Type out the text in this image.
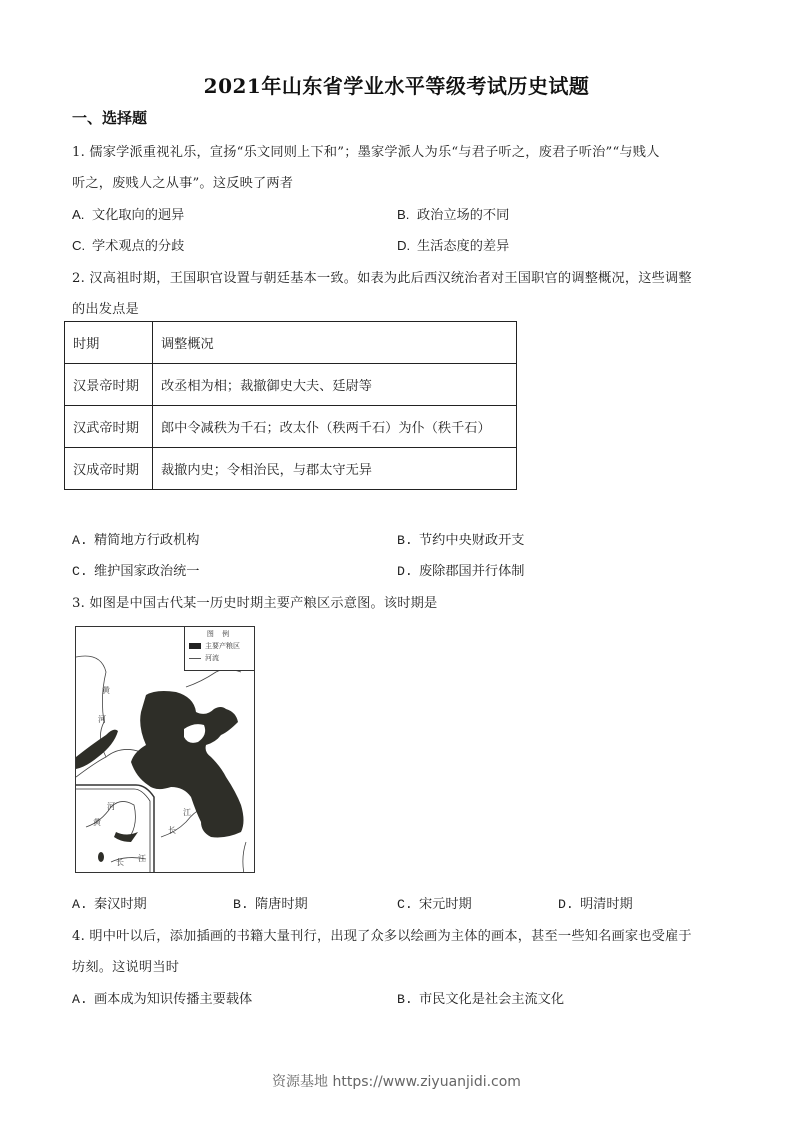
2021年山东省学业水平等级考试历史试题
一、选择题
1. 儒家学派重视礼乐，宣扬“乐文同则上下和”；墨家学派人为乐“与君子听之，废君子听治”“与贱人
听之，废贱人之从事”。这反映了两者
A. 文化取向的迥异	B. 政治立场的不同
C. 学术观点的分歧	D. 生活态度的差异
2. 汉高祖时期，王国职官设置与朝廷基本一致。如表为此后西汉统治者对王国职官的调整概况，这些调整
的出发点是
时期	调整概况
汉景帝时期	改丞相为相；裁撤御史大夫、廷尉等
汉武帝时期	郎中令减秩为千石；改太仆（秩两千石）为仆（秩千石）
汉成帝时期	裁撤内史；令相治民，与郡太守无异
A. 精简地方行政机构	B. 节约中央财政开支
C. 维护国家政治统一	D. 废除郡国并行体制
3. 如图是中国古代某一历史时期主要产粮区示意图。该时期是
图 例
主要产粮区
河流
黄
河
江
长
河
黄
长 江
A. 秦汉时期	B. 隋唐时期	C. 宋元时期	D. 明清时期
4. 明中叶以后，添加插画的书籍大量刊行，出现了众多以绘画为主体的画本，甚至一些知名画家也受雇于
坊刻。这说明当时
A. 画本成为知识传播主要载体	B. 市民文化是社会主流文化
资源基地 https://www.ziyuanjidi.com
